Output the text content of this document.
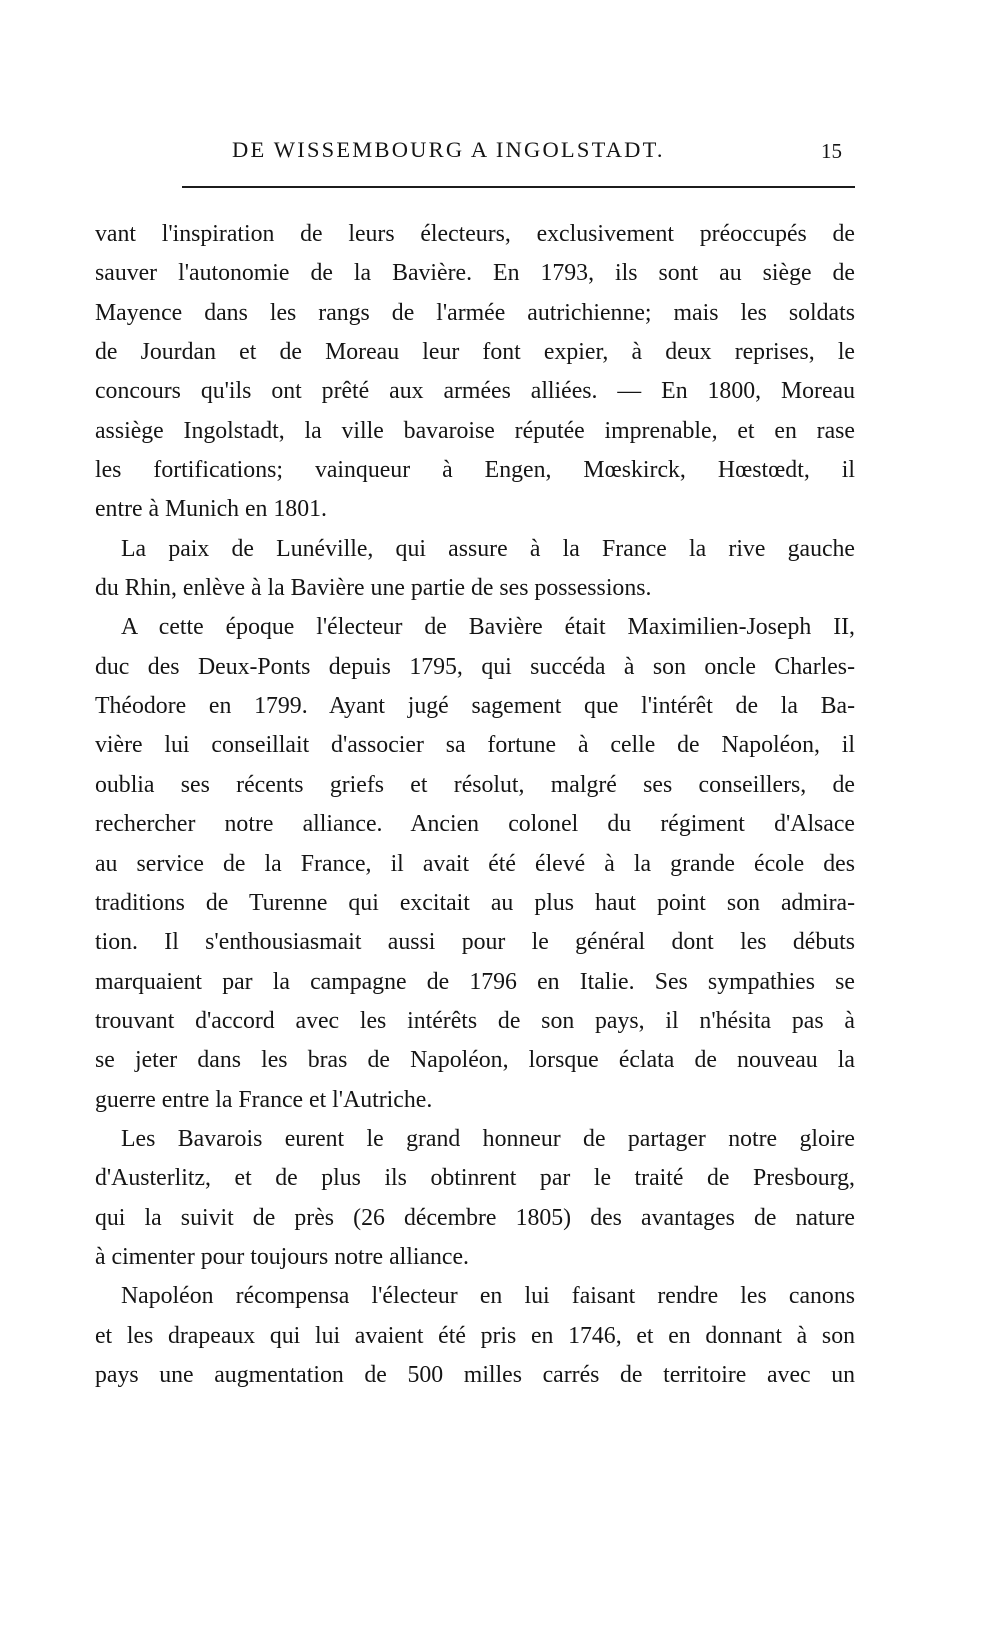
DE WISSEMBOURG A INGOLSTADT.	15
vant l'inspiration de leurs électeurs, exclusivement préoccupés de
sauver l'autonomie de la Bavière. En 1793, ils sont au siège de
Mayence dans les rangs de l'armée autrichienne; mais les soldats
de Jourdan et de Moreau leur font expier, à deux reprises, le
concours qu'ils ont prêté aux armées alliées. — En 1800, Moreau
assiège Ingolstadt, la ville bavaroise réputée imprenable, et en rase
les fortifications; vainqueur à Engen, Mœskirck, Hœstœdt, il
entre à Munich en 1801.
La paix de Lunéville, qui assure à la France la rive gauche
du Rhin, enlève à la Bavière une partie de ses possessions.
A cette époque l'électeur de Bavière était Maximilien-Joseph II,
duc des Deux-Ponts depuis 1795, qui succéda à son oncle Charles-
Théodore en 1799. Ayant jugé sagement que l'intérêt de la Ba-
vière lui conseillait d'associer sa fortune à celle de Napoléon, il
oublia ses récents griefs et résolut, malgré ses conseillers, de
rechercher notre alliance. Ancien colonel du régiment d'Alsace
au service de la France, il avait été élevé à la grande école des
traditions de Turenne qui excitait au plus haut point son admira-
tion. Il s'enthousiasmait aussi pour le général dont les débuts
marquaient par la campagne de 1796 en Italie. Ses sympathies se
trouvant d'accord avec les intérêts de son pays, il n'hésita pas à
se jeter dans les bras de Napoléon, lorsque éclata de nouveau la
guerre entre la France et l'Autriche.
Les Bavarois eurent le grand honneur de partager notre gloire
d'Austerlitz, et de plus ils obtinrent par le traité de Presbourg,
qui la suivit de près (26 décembre 1805) des avantages de nature
à cimenter pour toujours notre alliance.
Napoléon récompensa l'électeur en lui faisant rendre les canons
et les drapeaux qui lui avaient été pris en 1746, et en donnant à son
pays une augmentation de 500 milles carrés de territoire avec un
